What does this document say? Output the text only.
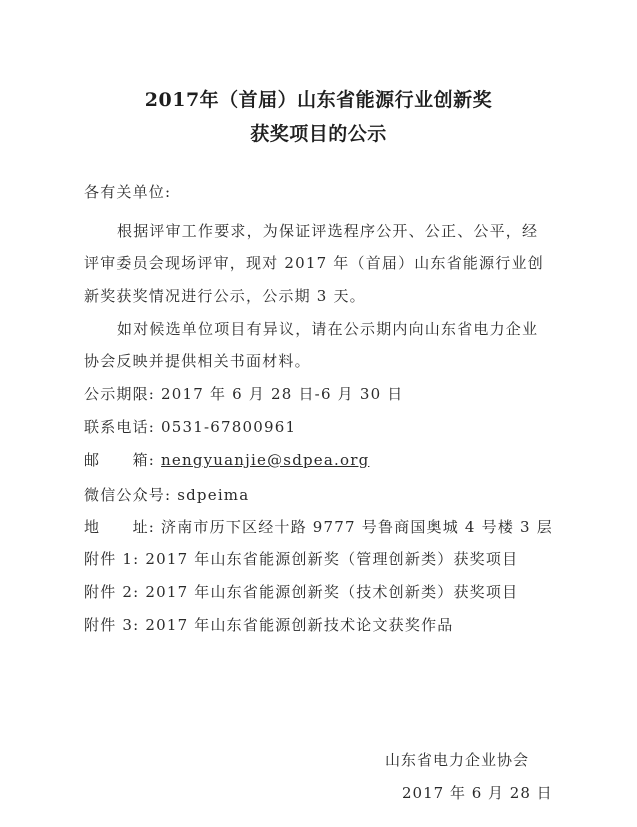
2017年（首届）山东省能源行业创新奖
获奖项目的公示
各有关单位:
根据评审工作要求，为保证评选程序公开、公正、公平，经
评审委员会现场评审，现对 2017 年（首届）山东省能源行业创
新奖获奖情况进行公示，公示期 3 天。
如对候选单位项目有异议，请在公示期内向山东省电力企业
协会反映并提供相关书面材料。
公示期限: 2017 年 6 月 28 日-6 月 30 日
联系电话: 0531-67800961
邮　　箱: nengyuanjie@sdpea.org
微信公众号: sdpeima
地　　址: 济南市历下区经十路 9777 号鲁商国奥城 4 号楼 3 层
附件 1: 2017 年山东省能源创新奖（管理创新类）获奖项目
附件 2: 2017 年山东省能源创新奖（技术创新类）获奖项目
附件 3: 2017 年山东省能源创新技术论文获奖作品
山东省电力企业协会
2017 年 6 月 28 日
